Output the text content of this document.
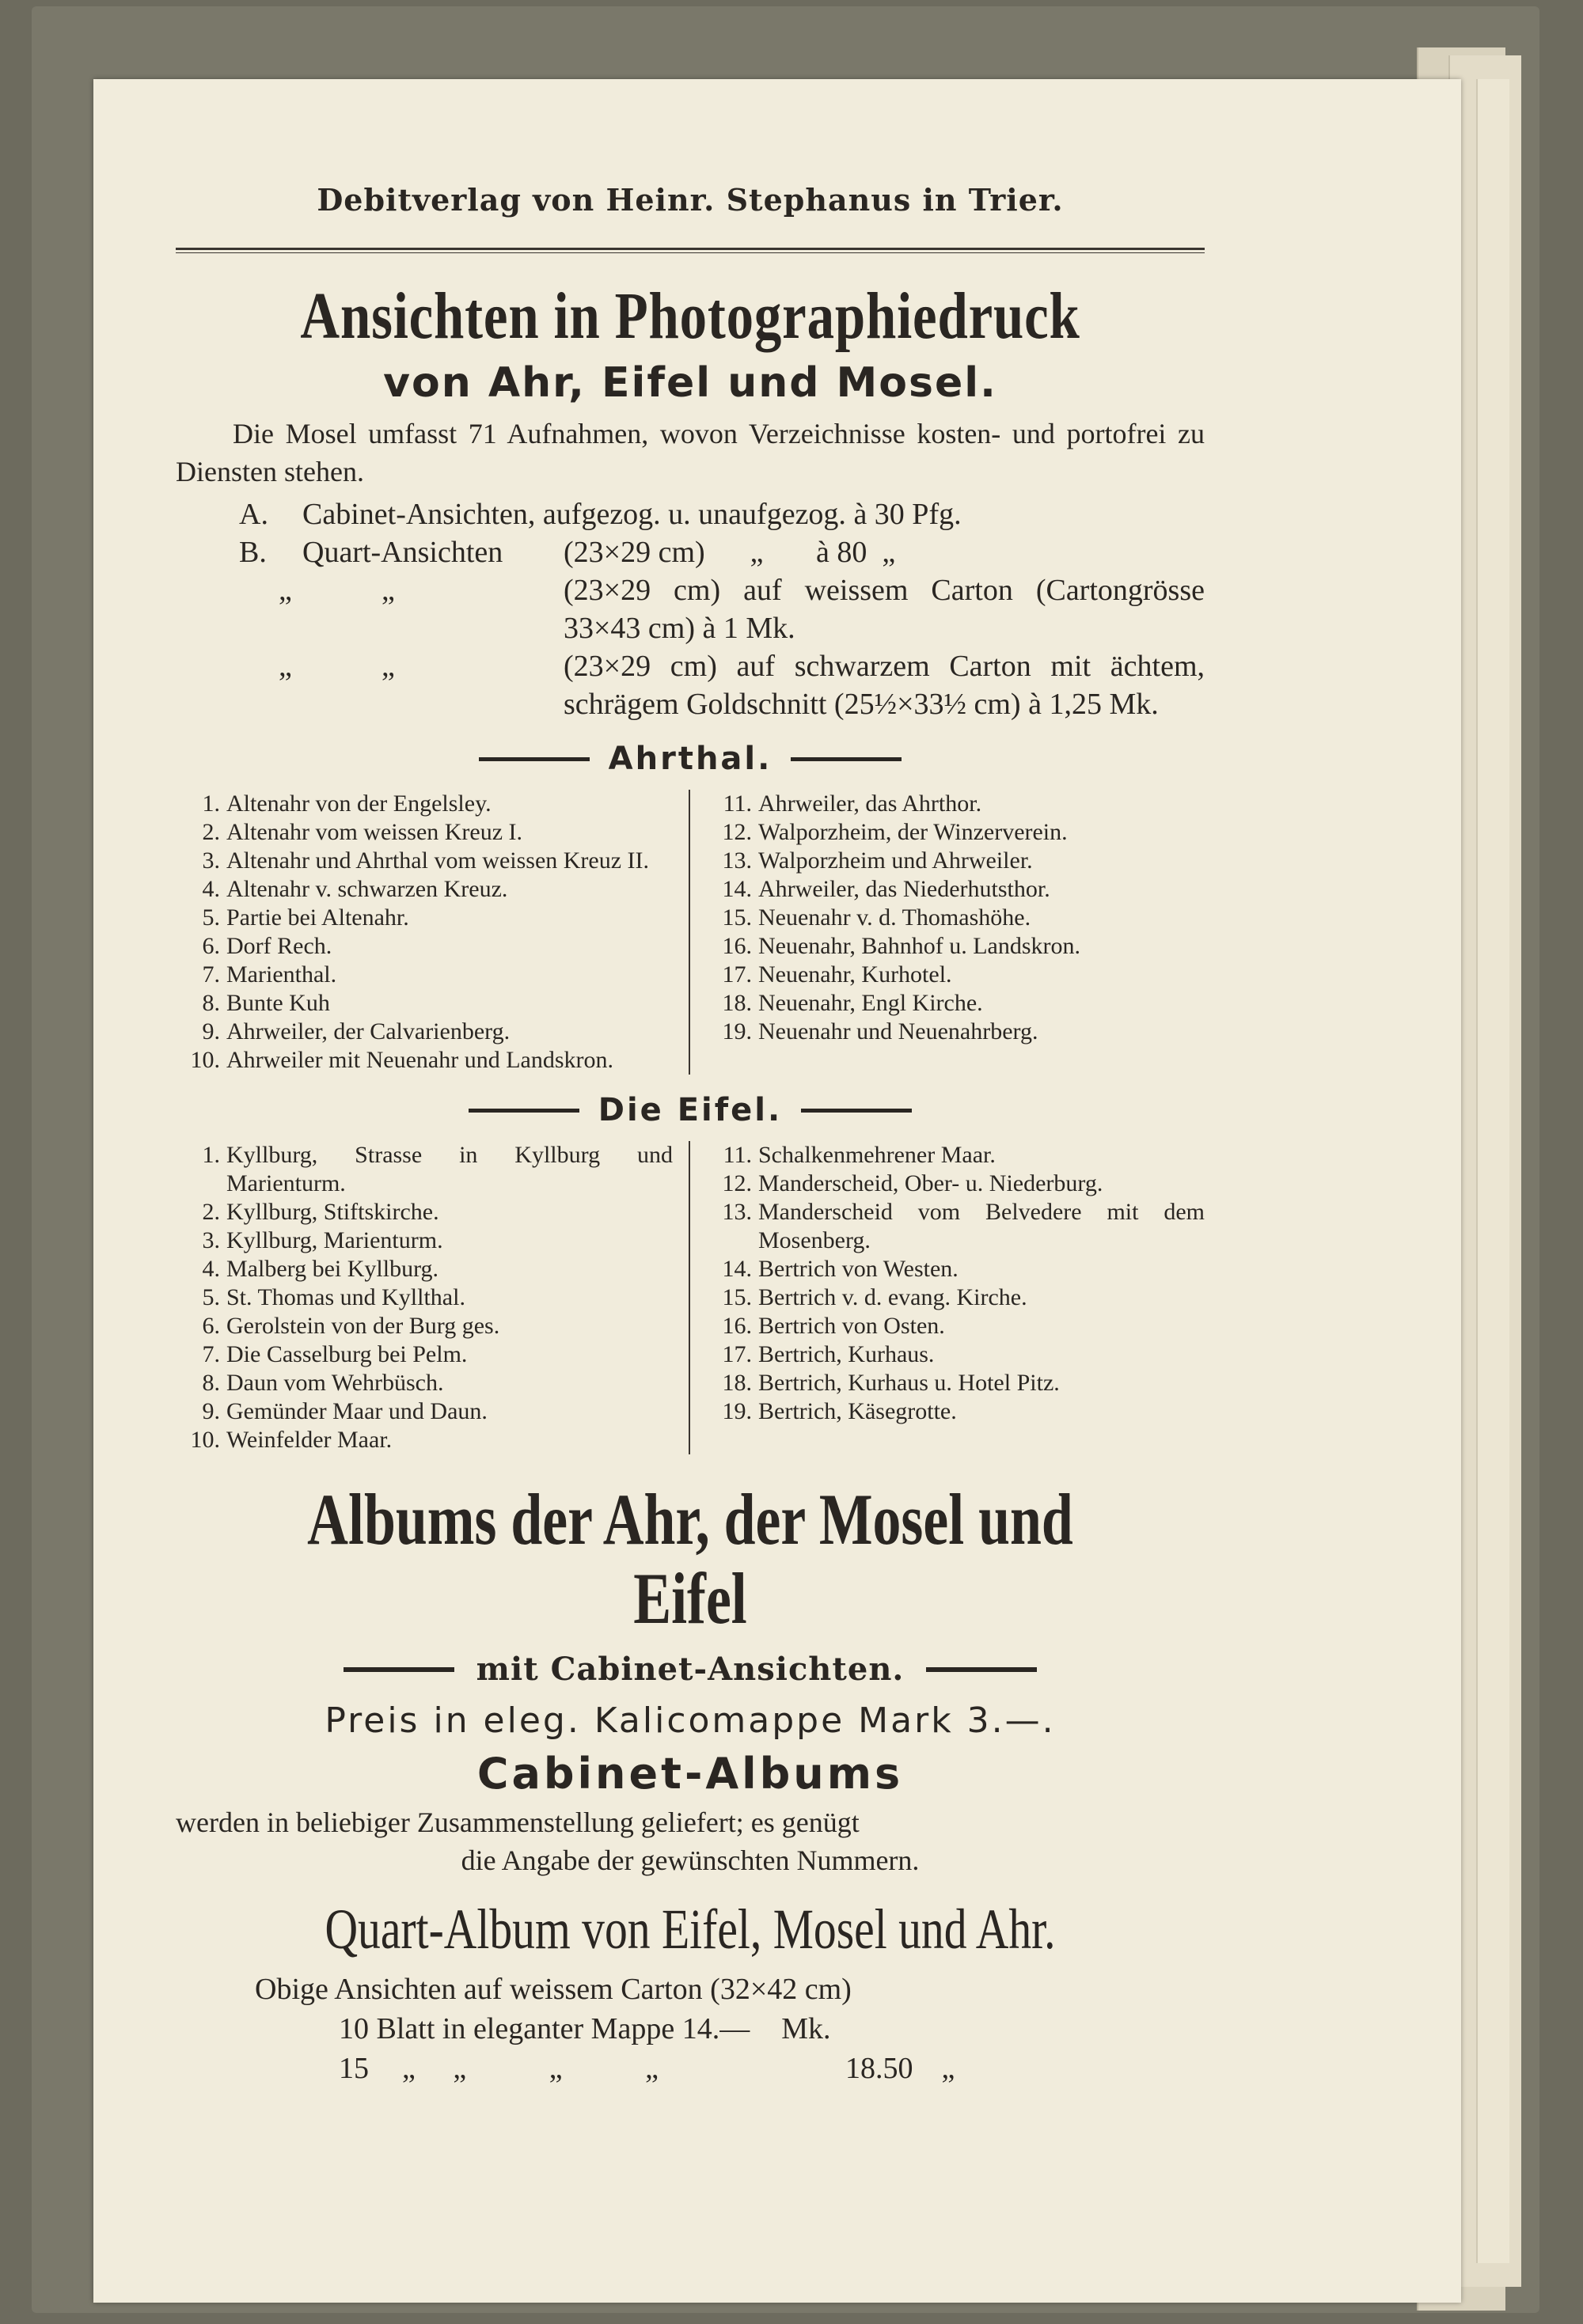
Debitverlag von Heinr. Stephanus in Trier.

Ansichten in Photographiedruck
von Ahr, Eifel und Mosel.

Die Mosel umfasst 71 Aufnahmen, wovon Verzeichnisse kosten- und portofrei zu Diensten stehen.

A.	Cabinet-Ansichten, aufgezog. u. unaufgezog. à 30 Pfg.
B.	Quart-Ansichten	(23×29 cm)      „       à 80  „
„	„	(23×29 cm) auf weissem Carton (Cartongrösse 33×43 cm) à 1 Mk.
„	„	(23×29 cm) auf schwarzem Carton mit ächtem, schrägem Goldschnitt (25½×33½ cm) à 1,25 Mk.
Ahrthal.
1. Altenahr von der Engelsley.
2. Altenahr vom weissen Kreuz I.
3. Altenahr und Ahrthal vom weissen Kreuz II.
4. Altenahr v. schwarzen Kreuz.
5. Partie bei Altenahr.
6. Dorf Rech.
7. Marienthal.
8. Bunte Kuh
9. Ahrweiler, der Calvarienberg.
10. Ahrweiler mit Neuenahr und Landskron.
11. Ahrweiler, das Ahrthor.
12. Walporzheim, der Winzerverein.
13. Walporzheim und Ahrweiler.
14. Ahrweiler, das Niederhutsthor.
15. Neuenahr v. d. Thomashöhe.
16. Neuenahr, Bahnhof u. Landskron.
17. Neuenahr, Kurhotel.
18. Neuenahr, Engl Kirche.
19. Neuenahr und Neuenahrberg.
Die Eifel.
1. Kyllburg, Strasse in Kyllburg und Marienturm.
2. Kyllburg, Stiftskirche.
3. Kyllburg, Marienturm.
4. Malberg bei Kyllburg.
5. St. Thomas und Kyllthal.
6. Gerolstein von der Burg ges.
7. Die Casselburg bei Pelm.
8. Daun vom Wehrbüsch.
9. Gemünder Maar und Daun.
10. Weinfelder Maar.
11. Schalkenmehrener Maar.
12. Manderscheid, Ober- u. Niederburg.
13. Manderscheid vom Belvedere mit dem Mosenberg.
14. Bertrich von Westen.
15. Bertrich v. d. evang. Kirche.
16. Bertrich von Osten.
17. Bertrich, Kurhaus.
18. Bertrich, Kurhaus u. Hotel Pitz.
19. Bertrich, Käsegrotte.
Albums der Ahr, der Mosel und Eifel
mit Cabinet-Ansichten.
Preis in eleg. Kalicomappe Mark 3.—.
Cabinet-Albums
werden in beliebiger Zusammenstellung geliefert; es genügt
die Angabe der gewünschten Nummern.
Quart-Album von Eifel, Mosel und Ahr.
Obige Ansichten auf weissem Carton (32×42 cm)
10 Blatt in eleganter Mappe 14.—	Mk.
15	„     „           „           „	18.50 „
